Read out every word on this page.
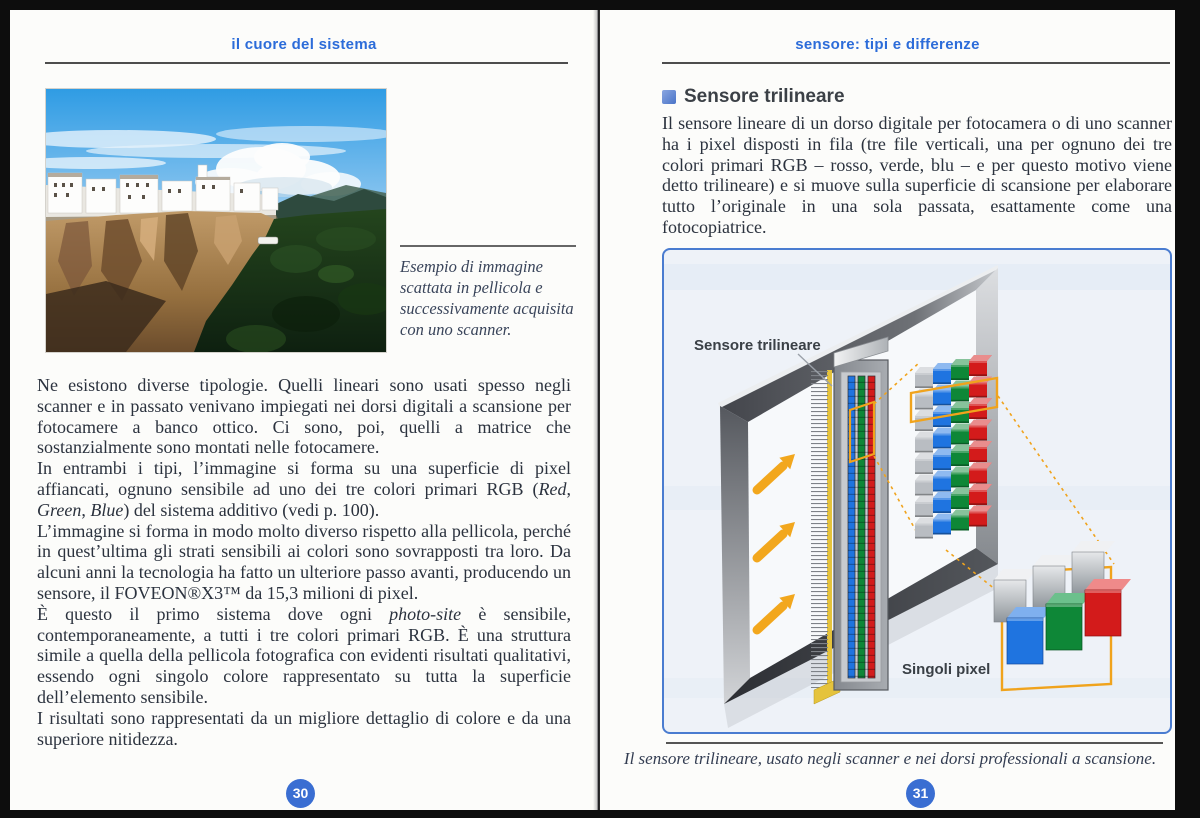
il cuore del sistema
Esempio di immagine scattata in pellicola e successivamente acquisita con uno scanner.

Ne esistono diverse tipologie. Quelli lineari sono usati spesso negli scanner e in passato venivano impiegati nei dorsi digitali a scansione per fotocamere a banco ottico. Ci sono, poi, quelli a matrice che sostanzialmente sono montati nelle fotocamere.

In entrambi i tipi, l’immagine si forma su una superficie di pixel affiancati, ognuno sensibile ad uno dei tre colori primari RGB (Red, Green, Blue) del sistema additivo (vedi p. 100).

L’immagine si forma in modo molto diverso rispetto alla pellicola, perché in quest’ultima gli strati sensibili ai colori sono sovrapposti tra loro. Da alcuni anni la tecnologia ha fatto un ulteriore passo avanti, producendo un sensore, il FOVEON®X3™ da 15,3 milioni di pixel.

È questo il primo sistema dove ogni photo-site è sensibile, contemporaneamente, a tutti i tre colori primari RGB. È una struttura simile a quella della pellicola fotografica con evidenti risultati qualitativi, essendo ogni singolo colore rappresentato su tutta la superficie dell’elemento sensibile.

I risultati sono rappresentati da un migliore dettaglio di colore e da una superiore nitidezza.

30
sensore: tipi e differenze
Sensore trilineare

Il sensore lineare di un dorso digitale per fotocamera o di uno scanner ha i pixel disposti in fila (tre file verticali, una per ognuno dei tre colori primari RGB – rosso, verde, blu – e per questo motivo viene detto trilineare) e si muove sulla superficie di scansione per elaborare tutto l’originale in una sola passata, esattamente come una fotocopiatrice.

Sensore trilineare
Singoli pixel
Il sensore trilineare, usato negli scanner e nei dorsi professionali a scansione.
31
